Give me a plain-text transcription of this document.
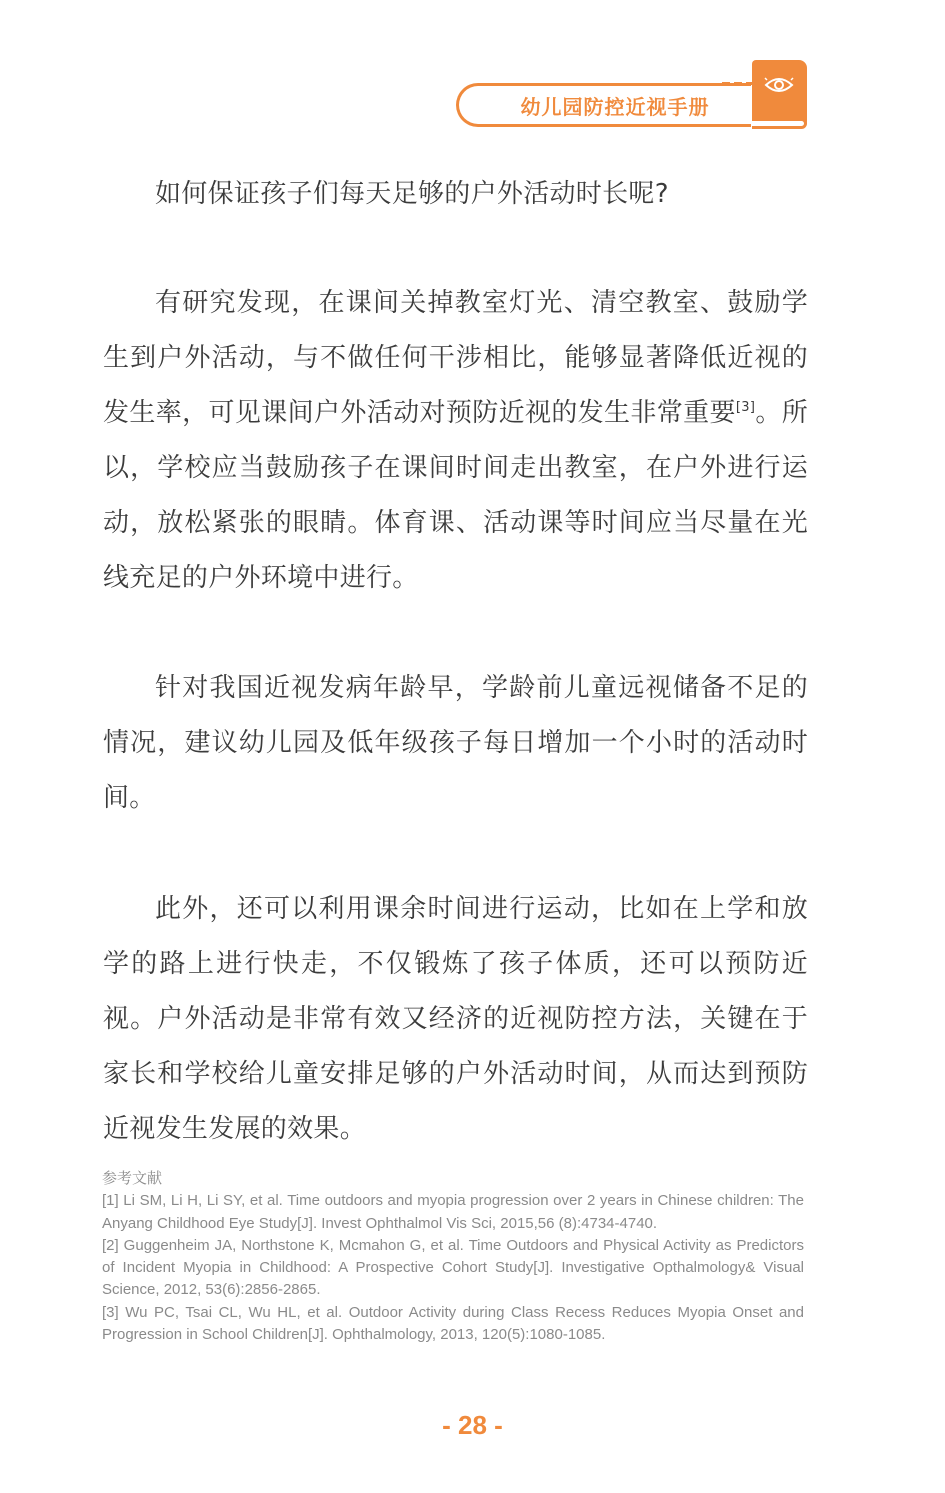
幼儿园防控近视手册

如何保证孩子们每天足够的户外活动时长呢?

有研究发现，在课间关掉教室灯光、清空教室、鼓励学生到户外活动，与不做任何干涉相比，能够显著降低近视的发生率，可见课间户外活动对预防近视的发生非常重要[3]。所以，学校应当鼓励孩子在课间时间走出教室，在户外进行运动，放松紧张的眼睛。体育课、活动课等时间应当尽量在光线充足的户外环境中进行。

针对我国近视发病年龄早，学龄前儿童远视储备不足的情况，建议幼儿园及低年级孩子每日增加一个小时的活动时间。

此外，还可以利用课余时间进行运动，比如在上学和放学的路上进行快走，不仅锻炼了孩子体质，还可以预防近视。户外活动是非常有效又经济的近视防控方法，关键在于家长和学校给儿童安排足够的户外活动时间，从而达到预防近视发生发展的效果。

参考文献

[1] Li SM, Li H, Li SY, et al. Time outdoors and myopia progression over 2 years in Chinese children: The Anyang Childhood Eye Study[J]. Invest Ophthalmol Vis Sci, 2015,56 (8):4734-4740.

[2] Guggenheim JA, Northstone K, Mcmahon G, et al. Time Outdoors and Physical Activity as Predictors of Incident Myopia in Childhood: A Prospective Cohort Study[J]. Investigative Opthalmology& Visual Science, 2012, 53(6):2856-2865.

[3] Wu PC, Tsai CL, Wu HL, et al. Outdoor Activity during Class Recess Reduces Myopia Onset and Progression in School Children[J]. Ophthalmology, 2013, 120(5):1080-1085.

- 28 -
